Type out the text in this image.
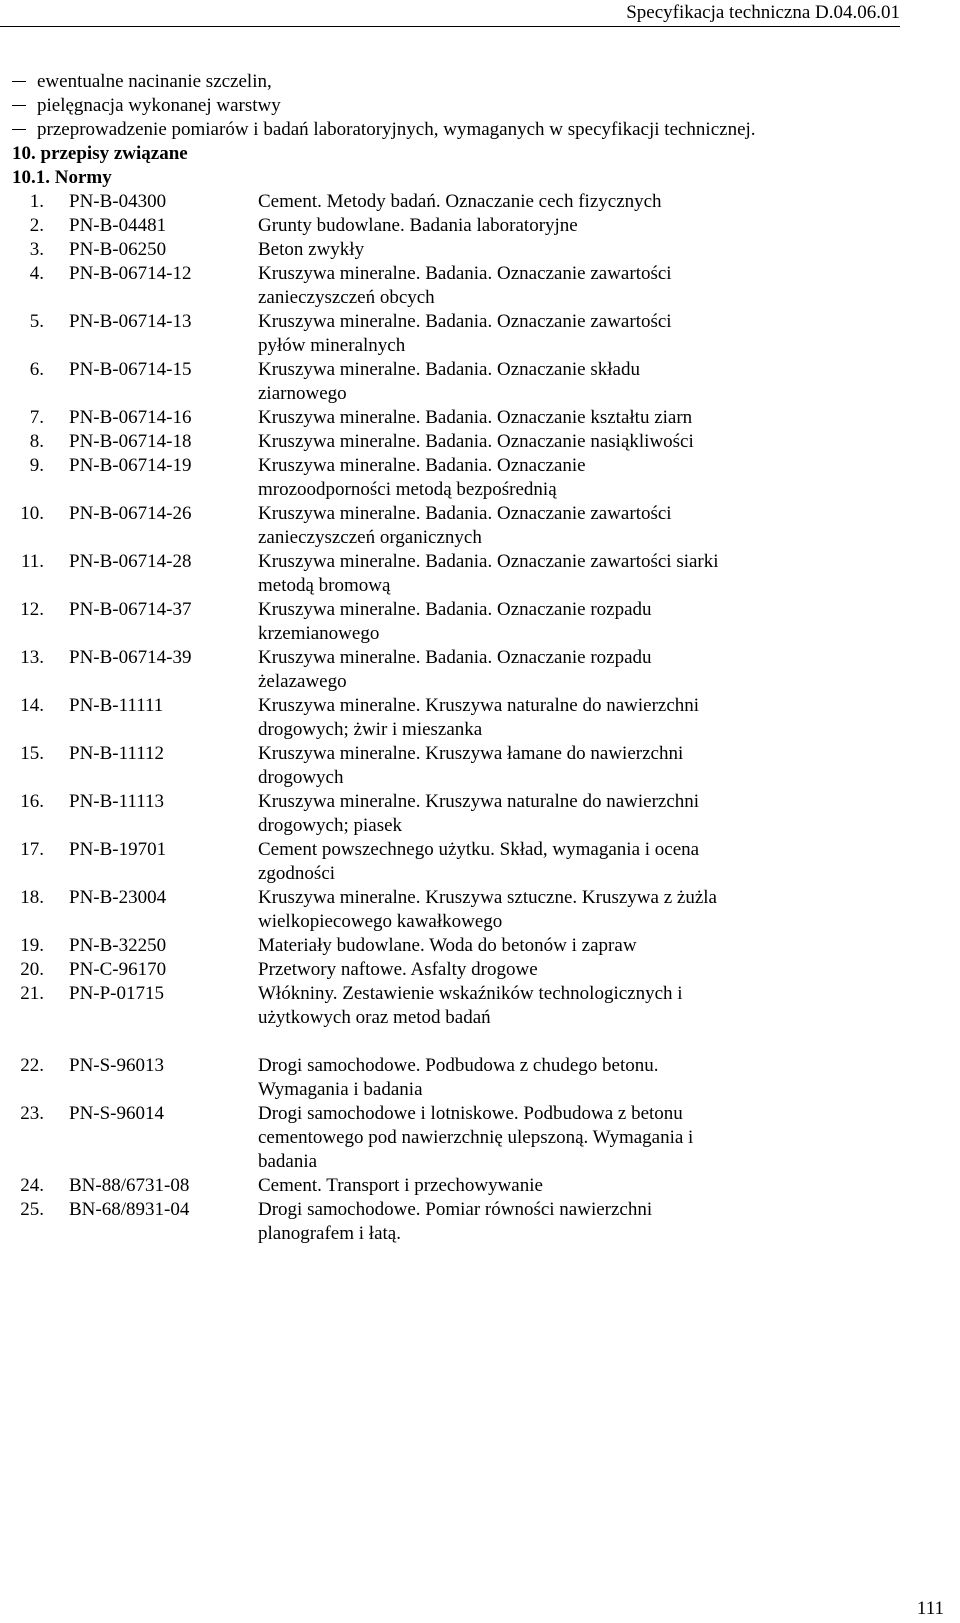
Specyfikacja techniczna D.04.06.01
ewentualne nacinanie szczelin,
pielęgnacja wykonanej warstwy
przeprowadzenie pomiarów i badań laboratoryjnych, wymaganych w specyfikacji technicznej.
10. przepisy związane
10.1. Normy
1. PN-B-04300	Cement. Metody badań. Oznaczanie cech fizycznych
2. PN-B-04481	Grunty budowlane. Badania laboratoryjne
3. PN-B-06250	Beton zwykły
4. PN-B-06714-12	Kruszywa mineralne. Badania. Oznaczanie zawartości
zanieczyszczeń obcych
5. PN-B-06714-13	Kruszywa mineralne. Badania. Oznaczanie zawartości
pyłów mineralnych
6. PN-B-06714-15	Kruszywa mineralne. Badania. Oznaczanie składu
ziarnowego
7. PN-B-06714-16	Kruszywa mineralne. Badania. Oznaczanie kształtu ziarn
8. PN-B-06714-18	Kruszywa mineralne. Badania. Oznaczanie nasiąkliwości
9. PN-B-06714-19	Kruszywa mineralne. Badania. Oznaczanie
mrozoodporności metodą bezpośrednią
10. PN-B-06714-26	Kruszywa mineralne. Badania. Oznaczanie zawartości
zanieczyszczeń organicznych
11. PN-B-06714-28	Kruszywa mineralne. Badania. Oznaczanie zawartości siarki
metodą bromową
12. PN-B-06714-37	Kruszywa mineralne. Badania. Oznaczanie rozpadu
krzemianowego
13. PN-B-06714-39	Kruszywa mineralne. Badania. Oznaczanie rozpadu
żelazawego
14. PN-B-11111	Kruszywa mineralne. Kruszywa naturalne do nawierzchni
drogowych; żwir i mieszanka
15. PN-B-11112	Kruszywa mineralne. Kruszywa łamane do nawierzchni
drogowych
16. PN-B-11113	Kruszywa mineralne. Kruszywa naturalne do nawierzchni
drogowych; piasek
17. PN-B-19701	Cement powszechnego użytku. Skład, wymagania i ocena
zgodności
18. PN-B-23004	Kruszywa mineralne. Kruszywa sztuczne. Kruszywa z żużla
wielkopiecowego kawałkowego
19. PN-B-32250	Materiały budowlane. Woda do betonów i zapraw
20. PN-C-96170	Przetwory naftowe. Asfalty drogowe
21. PN-P-01715	Włókniny. Zestawienie wskaźników technologicznych i
użytkowych oraz metod badań
22. PN-S-96013	Drogi samochodowe. Podbudowa z chudego betonu.
Wymagania i badania
23. PN-S-96014	Drogi samochodowe i lotniskowe. Podbudowa z betonu
cementowego pod nawierzchnię ulepszoną. Wymagania i
badania
24. BN-88/6731-08	Cement. Transport i przechowywanie
25. BN-68/8931-04	Drogi samochodowe. Pomiar równości nawierzchni
planografem i łatą.
111
